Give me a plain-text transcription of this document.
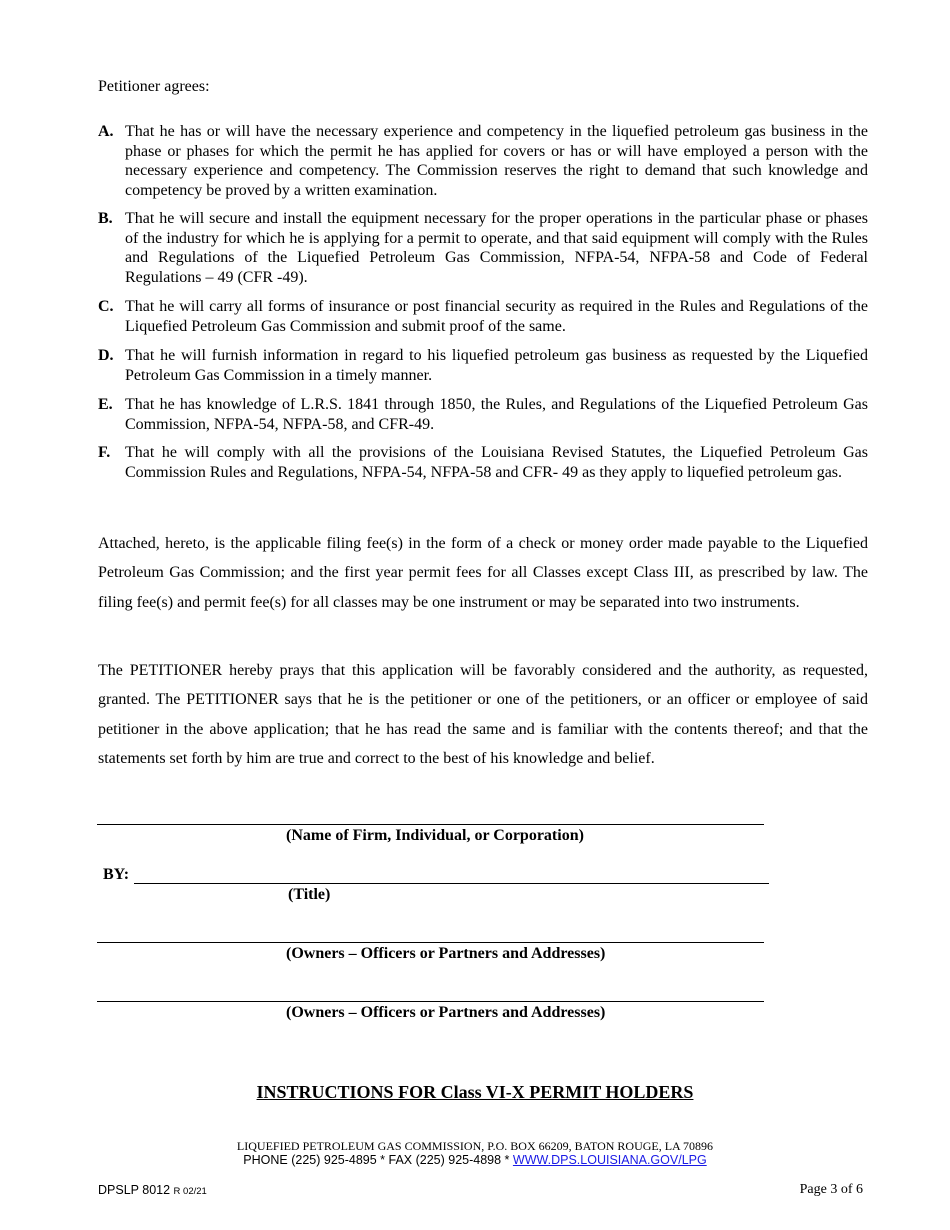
Petitioner agrees:
A. That he has or will have the necessary experience and competency in the liquefied petroleum gas business in the phase or phases for which the permit he has applied for covers or has or will have employed a person with the necessary experience and competency. The Commission reserves the right to demand that such knowledge and competency be proved by a written examination.
B. That he will secure and install the equipment necessary for the proper operations in the particular phase or phases of the industry for which he is applying for a permit to operate, and that said equipment will comply with the Rules and Regulations of the Liquefied Petroleum Gas Commission, NFPA-54, NFPA-58 and Code of Federal Regulations – 49 (CFR -49).
C. That he will carry all forms of insurance or post financial security as required in the Rules and Regulations of the Liquefied Petroleum Gas Commission and submit proof of the same.
D. That he will furnish information in regard to his liquefied petroleum gas business as requested by the Liquefied Petroleum Gas Commission in a timely manner.
E. That he has knowledge of L.R.S. 1841 through 1850, the Rules, and Regulations of the Liquefied Petroleum Gas Commission, NFPA-54, NFPA-58, and CFR-49.
F. That he will comply with all the provisions of the Louisiana Revised Statutes, the Liquefied Petroleum Gas Commission Rules and Regulations, NFPA-54, NFPA-58 and CFR- 49 as they apply to liquefied petroleum gas.
Attached, hereto, is the applicable filing fee(s) in the form of a check or money order made payable to the Liquefied Petroleum Gas Commission; and the first year permit fees for all Classes except Class III, as prescribed by law. The filing fee(s) and permit fee(s) for all classes may be one instrument or may be separated into two instruments.
The PETITIONER hereby prays that this application will be favorably considered and the authority, as requested, granted. The PETITIONER says that he is the petitioner or one of the petitioners, or an officer or employee of said petitioner in the above application; that he has read the same and is familiar with the contents thereof; and that the statements set forth by him are true and correct to the best of his knowledge and belief.
(Name of Firm, Individual, or Corporation)
BY:
(Title)
(Owners – Officers or Partners and Addresses)
(Owners – Officers or Partners and Addresses)
INSTRUCTIONS FOR Class VI-X PERMIT HOLDERS
LIQUEFIED PETROLEUM GAS COMMISSION, P.O. BOX 66209, BATON ROUGE, LA 70896
PHONE (225) 925-4895 * FAX (225) 925-4898 * WWW.DPS.LOUISIANA.GOV/LPG
DPSLP 8012 R 02/21	Page 3 of 6
